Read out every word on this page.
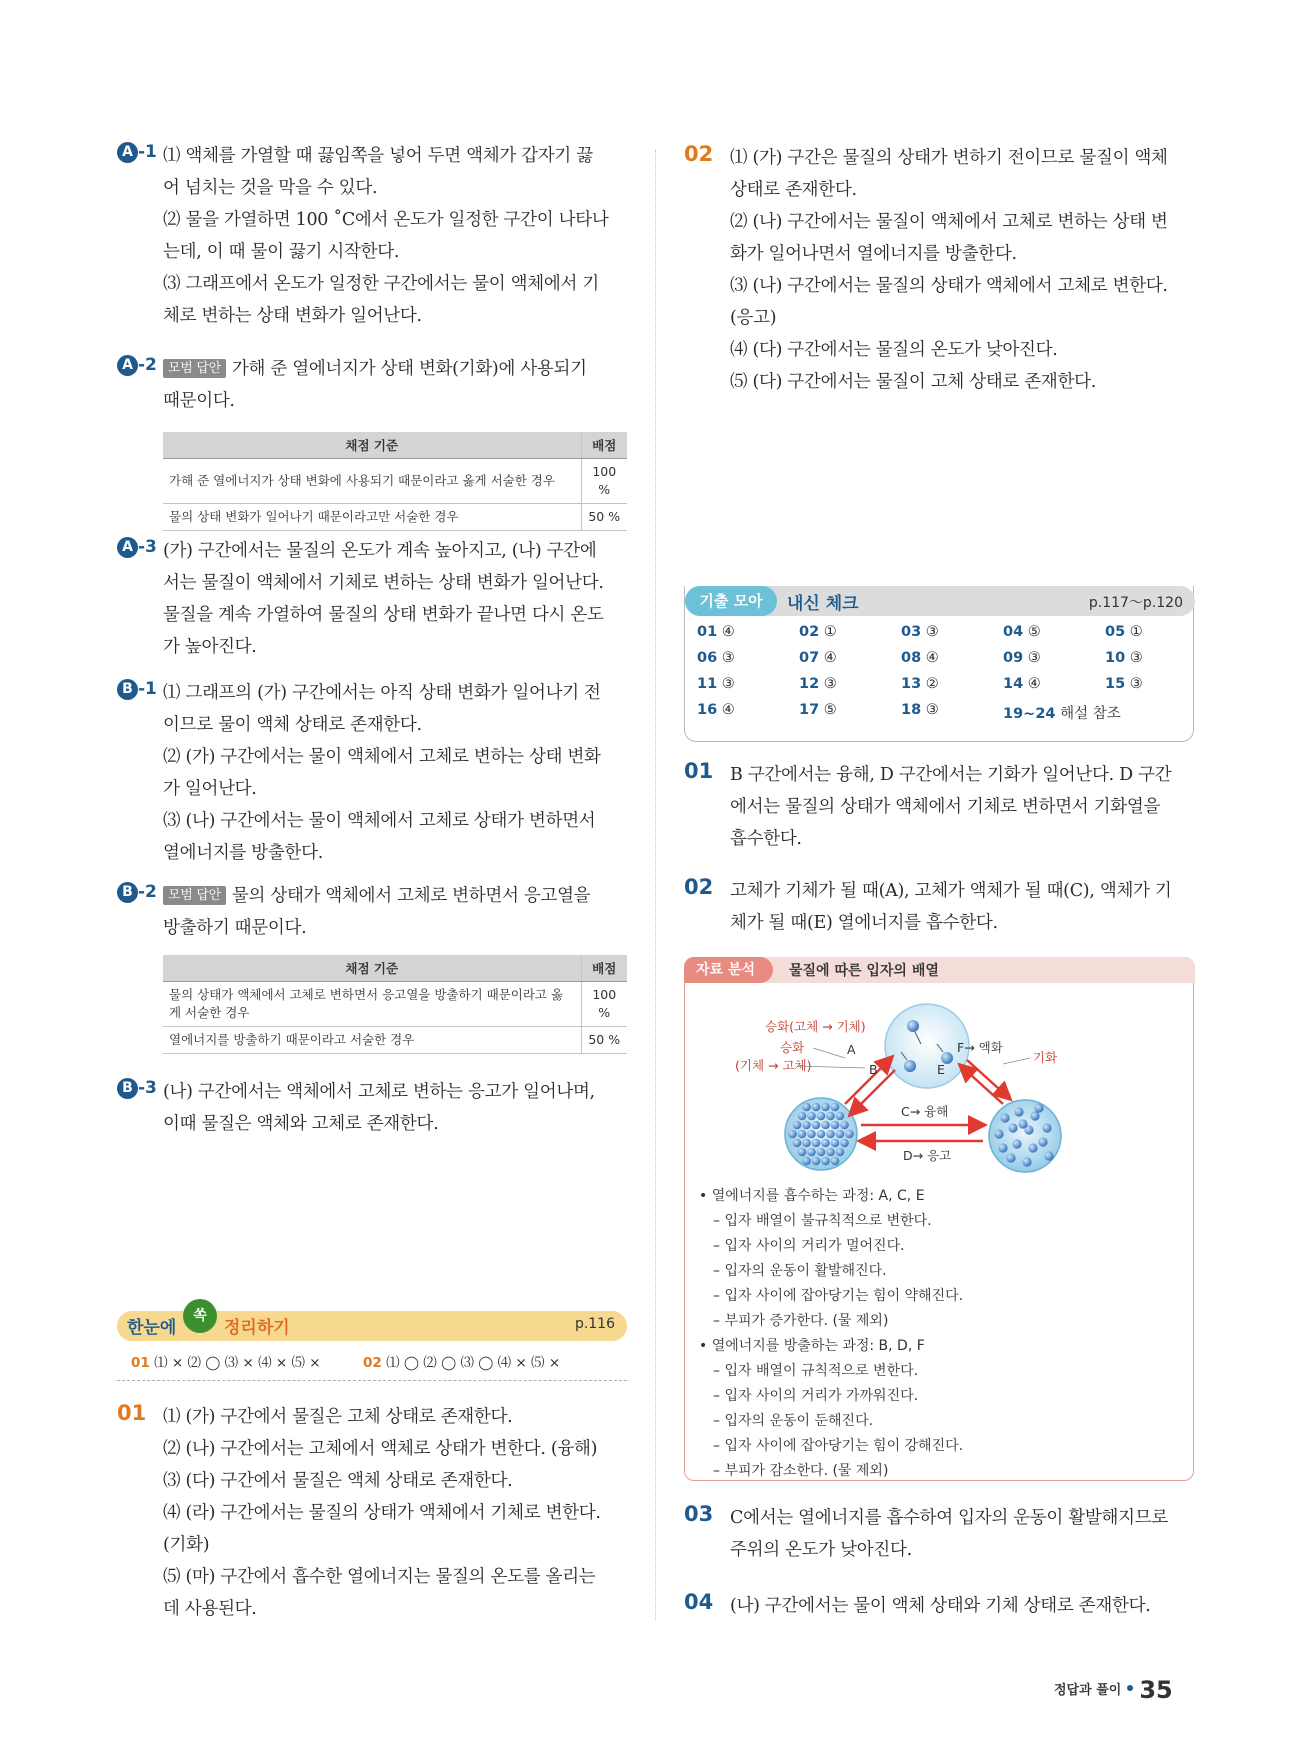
A -1 ⑴ 액체를 가열할 때 끓임쪽을 넣어 두면 액체가 갑자기 끓

어 넘치는 것을 막을 수 있다.

⑵ 물을 가열하면 100 ˚C에서 온도가 일정한 구간이 나타나

는데, 이 때 물이 끓기 시작한다.

⑶ 그래프에서 온도가 일정한 구간에서는 물이 액체에서 기

체로 변하는 상태 변화가 일어난다.

A -2 모범 답안 가해 준 열에너지가 상태 변화(기화)에 사용되기

때문이다.

채점 기준	배점
가해 준 열에너지가 상태 변화에 사용되기 때문이라고 옳게 서술한 경우	100 %
물의 상태 변화가 일어나기 때문이라고만 서술한 경우	50 %
A -3 (가) 구간에서는 물질의 온도가 계속 높아지고, (나) 구간에

서는 물질이 액체에서 기체로 변하는 상태 변화가 일어난다.

물질을 계속 가열하여 물질의 상태 변화가 끝나면 다시 온도

가 높아진다.

B -1 ⑴ 그래프의 (가) 구간에서는 아직 상태 변화가 일어나기 전

이므로 물이 액체 상태로 존재한다.

⑵ (가) 구간에서는 물이 액체에서 고체로 변하는 상태 변화

가 일어난다.

⑶ (나) 구간에서는 물이 액체에서 고체로 상태가 변하면서

열에너지를 방출한다.

B -2 모범 답안 물의 상태가 액체에서 고체로 변하면서 응고열을

방출하기 때문이다.

채점 기준	배점
물의 상태가 액체에서 고체로 변하면서 응고열을 방출하기 때문이라고 옳게 서술한 경우	100 %
열에너지를 방출하기 때문이라고 서술한 경우	50 %
B -3 (나) 구간에서는 액체에서 고체로 변하는 응고가 일어나며,

이때 물질은 액체와 고체로 존재한다.

한눈에
쏙
정리하기	p.116
01 ⑴ × ⑵ ◯ ⑶ × ⑷ × ⑸ ×	02 ⑴ ◯ ⑵ ◯ ⑶ ◯ ⑷ × ⑸ ×
01 ⑴ (가) 구간에서 물질은 고체 상태로 존재한다.

⑵ (나) 구간에서는 고체에서 액체로 상태가 변한다. (융해)

⑶ (다) 구간에서 물질은 액체 상태로 존재한다.

⑷ (라) 구간에서는 물질의 상태가 액체에서 기체로 변한다.

(기화)

⑸ (마) 구간에서 흡수한 열에너지는 물질의 온도를 올리는

데 사용된다.

02 ⑴ (가) 구간은 물질의 상태가 변하기 전이므로 물질이 액체

상태로 존재한다.

⑵ (나) 구간에서는 물질이 액체에서 고체로 변하는 상태 변

화가 일어나면서 열에너지를 방출한다.

⑶ (나) 구간에서는 물질의 상태가 액체에서 고체로 변한다.

(응고)

⑷ (다) 구간에서는 물질의 온도가 낮아진다.

⑸ (다) 구간에서는 물질이 고체 상태로 존재한다.

기출 모아	내신 체크	p.117～p.120
01 ④	02 ①	03 ③	04 ⑤	05 ①
06 ③	07 ④	08 ④	09 ③	10 ③
11 ③	12 ③	13 ②	14 ④	15 ③
16 ④	17 ⑤	18 ③	19~24 해설 참조
01 B 구간에서는 융해, D 구간에서는 기화가 일어난다. D 구간

에서는 물질의 상태가 액체에서 기체로 변하면서 기화열을

흡수한다.

02 고체가 기체가 될 때(A), 고체가 액체가 될 때(C), 액체가 기

체가 될 때(E) 열에너지를 흡수한다.

자료 분석	물질에 따른 입자의 배열
승화(고체 → 기체)
승화
(기체 → 고체)
A
B
F→ 액화
E
기화
C→ 융해
D→ 응고

• 열에너지를 흡수하는 과정: A, C, E

– 입자 배열이 불규칙적으로 변한다.

– 입자 사이의 거리가 멀어진다.

– 입자의 운동이 활발해진다.

– 입자 사이에 잡아당기는 힘이 약해진다.

– 부피가 증가한다. (물 제외)

• 열에너지를 방출하는 과정: B, D, F

– 입자 배열이 규칙적으로 변한다.

– 입자 사이의 거리가 가까워진다.

– 입자의 운동이 둔해진다.

– 입자 사이에 잡아당기는 힘이 강해진다.

– 부피가 감소한다. (물 제외)

03 C에서는 열에너지를 흡수하여 입자의 운동이 활발해지므로

주위의 온도가 낮아진다.

04 (나) 구간에서는 물이 액체 상태와 기체 상태로 존재한다.

정답과 풀이 35
